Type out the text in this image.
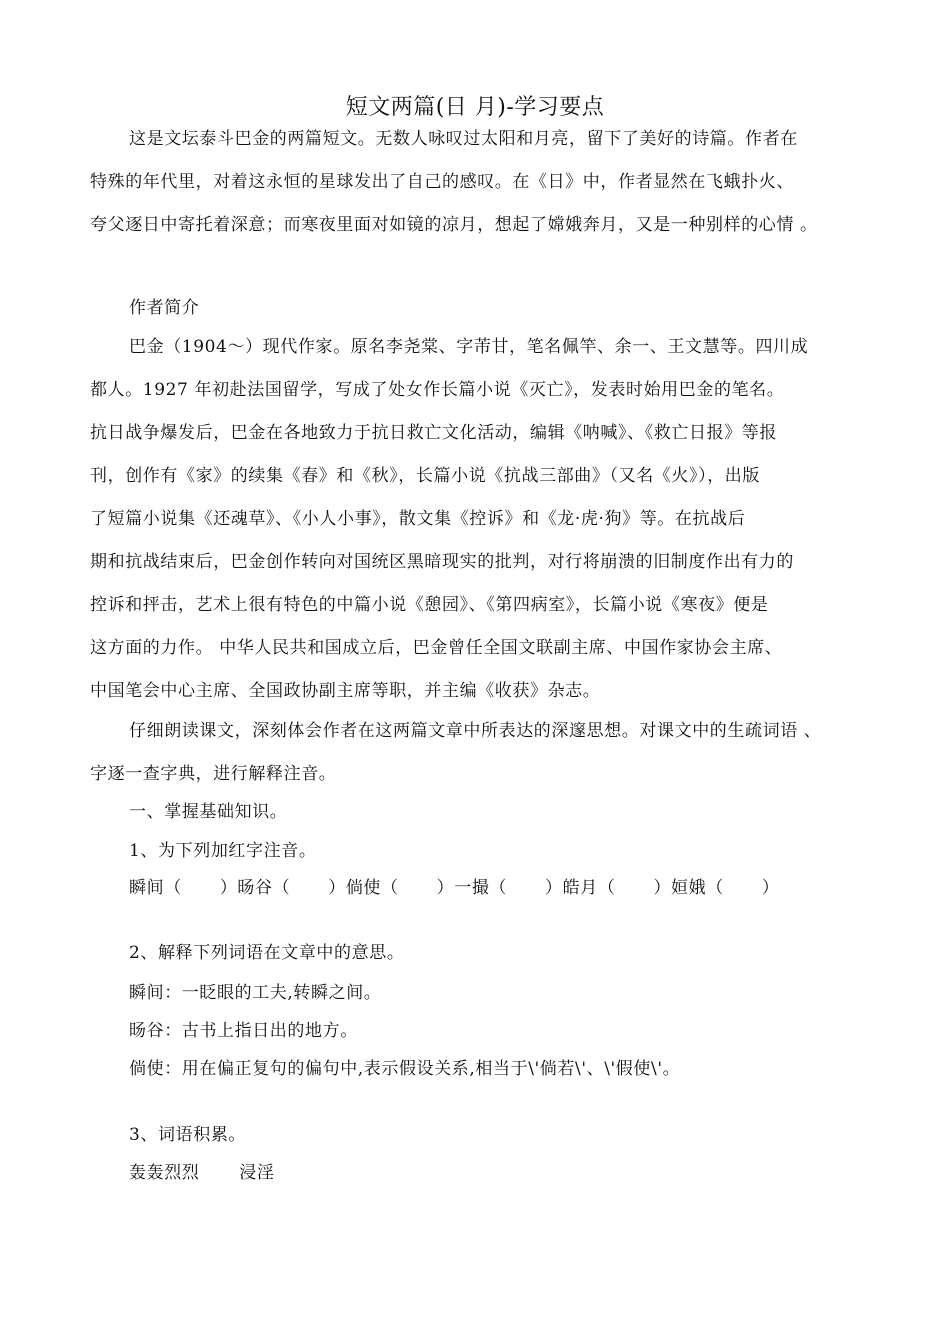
短文两篇(日 月)-学习要点
这是文坛泰斗巴金的两篇短文。无数人咏叹过太阳和月亮，留下了美好的诗篇。作者在
特殊的年代里，对着这永恒的星球发出了自己的感叹。在《日》中，作者显然在飞蛾扑火、
夸父逐日中寄托着深意；而寒夜里面对如镜的凉月，想起了嫦娥奔月，又是一种别样的心情 。
作者简介
巴金（1904～）现代作家。原名李尧棠、字芾甘，笔名佩竿、余一、王文慧等。四川成
都人。1927 年初赴法国留学，写成了处女作长篇小说《灭亡》，发表时始用巴金的笔名。
抗日战争爆发后，巴金在各地致力于抗日救亡文化活动，编辑《呐喊》、《救亡日报》等报
刊，创作有《家》的续集《春》和《秋》，长篇小说《抗战三部曲》（又名《火》），出版
了短篇小说集《还魂草》、《小人小事》，散文集《控诉》和《龙·虎·狗》等。在抗战后
期和抗战结束后，巴金创作转向对国统区黑暗现实的批判，对行将崩溃的旧制度作出有力的
控诉和抨击，艺术上很有特色的中篇小说《憩园》、《第四病室》，长篇小说《寒夜》便是
这方面的力作。 中华人民共和国成立后，巴金曾任全国文联副主席、中国作家协会主席、
中国笔会中心主席、全国政协副主席等职，并主编《收获》杂志。
仔细朗读课文，深刻体会作者在这两篇文章中所表达的深邃思想。对课文中的生疏词语 、
字逐一查字典，进行解释注音。
一、掌握基础知识。
1、为下列加红字注音。
瞬间（ ）旸谷（ ）倘使（ ）一撮（ ）皓月（ ）姮娥（ ）
2、解释下列词语在文章中的意思。
瞬间：一眨眼的工夫,转瞬之间。
旸谷：古书上指日出的地方。
倘使：用在偏正复句的偏句中,表示假设关系,相当于\'倘若\'、\'假使\'。
3、词语积累。
轰轰烈烈 浸淫
